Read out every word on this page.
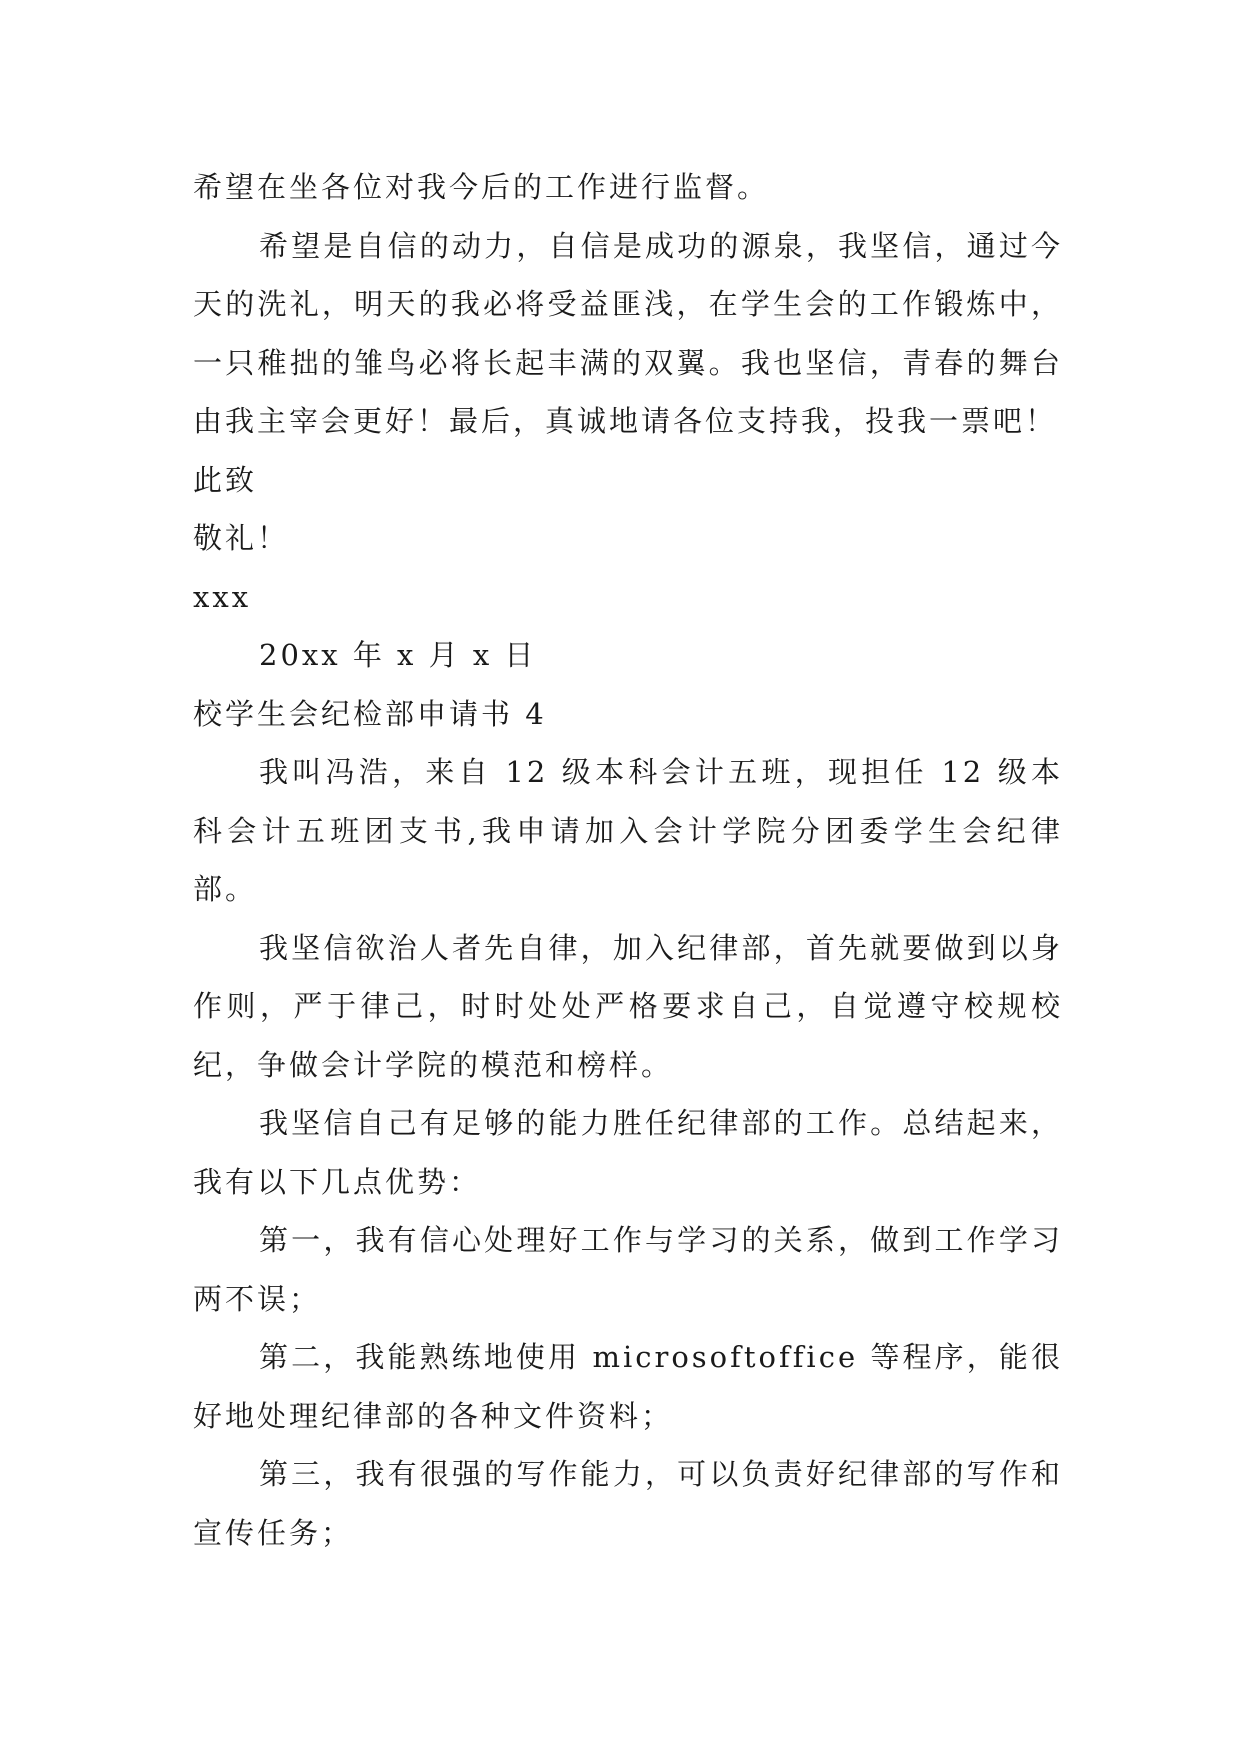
希望在坐各位对我今后的工作进行监督。

希望是自信的动力，自信是成功的源泉，我坚信，通过今天的洗礼，明天的我必将受益匪浅，在学生会的工作锻炼中，一只稚拙的雏鸟必将长起丰满的双翼。我也坚信，青春的舞台由我主宰会更好！最后，真诚地请各位支持我，投我一票吧！

此致

敬礼！

xxx

20xx 年 x 月 x 日

校学生会纪检部申请书 4

我叫冯浩，来自 12 级本科会计五班，现担任 12 级本科会计五班团支书,我申请加入会计学院分团委学生会纪律部。

我坚信欲治人者先自律，加入纪律部，首先就要做到以身作则，严于律己，时时处处严格要求自己，自觉遵守校规校纪，争做会计学院的模范和榜样。

我坚信自己有足够的能力胜任纪律部的工作。总结起来，我有以下几点优势：

第一，我有信心处理好工作与学习的关系，做到工作学习两不误；

第二，我能熟练地使用 microsoftoffice 等程序，能很好地处理纪律部的各种文件资料；

第三，我有很强的写作能力，可以负责好纪律部的写作和宣传任务；
